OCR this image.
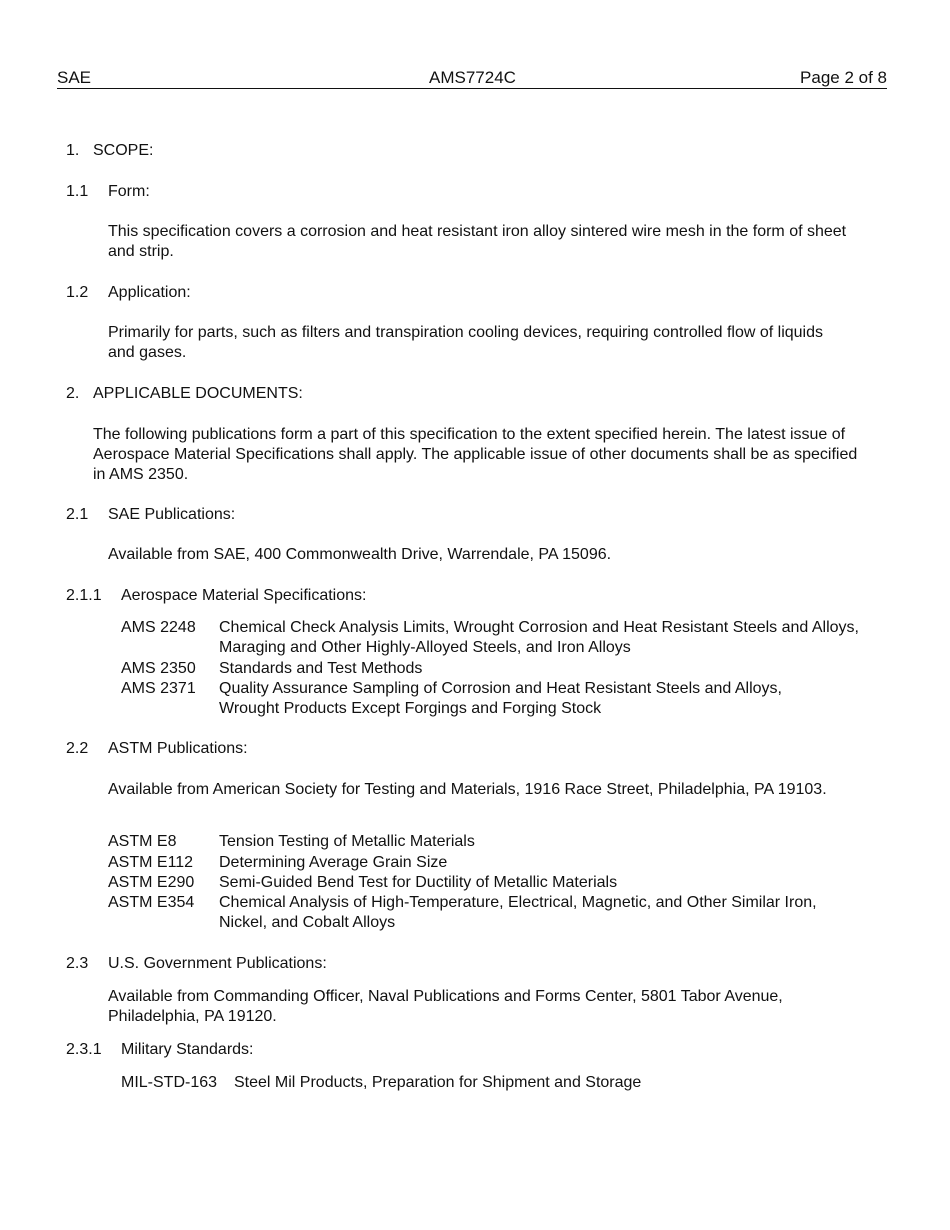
SAE	AMS7724C	Page 2 of 8
1. SCOPE:
1.1 Form:
This specification covers a corrosion and heat resistant iron alloy sintered wire mesh in the form of sheet and strip.
1.2 Application:
Primarily for parts, such as filters and transpiration cooling devices, requiring controlled flow of liquids and gases.
2. APPLICABLE DOCUMENTS:
The following publications form a part of this specification to the extent specified herein. The latest issue of Aerospace Material Specifications shall apply. The applicable issue of other documents shall be as specified in AMS 2350.
2.1 SAE Publications:
Available from SAE, 400 Commonwealth Drive, Warrendale, PA 15096.
2.1.1 Aerospace Material Specifications:
AMS 2248 Chemical Check Analysis Limits, Wrought Corrosion and Heat Resistant Steels and Alloys, Maraging and Other Highly-Alloyed Steels, and Iron Alloys
AMS 2350 Standards and Test Methods
AMS 2371 Quality Assurance Sampling of Corrosion and Heat Resistant Steels and Alloys, Wrought Products Except Forgings and Forging Stock
2.2 ASTM Publications:
Available from American Society for Testing and Materials, 1916 Race Street, Philadelphia, PA 19103.
ASTM E8	Tension Testing of Metallic Materials
ASTM E112 Determining Average Grain Size
ASTM E290 Semi-Guided Bend Test for Ductility of Metallic Materials
ASTM E354 Chemical Analysis of High-Temperature, Electrical, Magnetic, and Other Similar Iron, Nickel, and Cobalt Alloys
2.3 U.S. Government Publications:
Available from Commanding Officer, Naval Publications and Forms Center, 5801 Tabor Avenue, Philadelphia, PA 19120.
2.3.1 Military Standards:
MIL-STD-163 Steel Mil Products, Preparation for Shipment and Storage
